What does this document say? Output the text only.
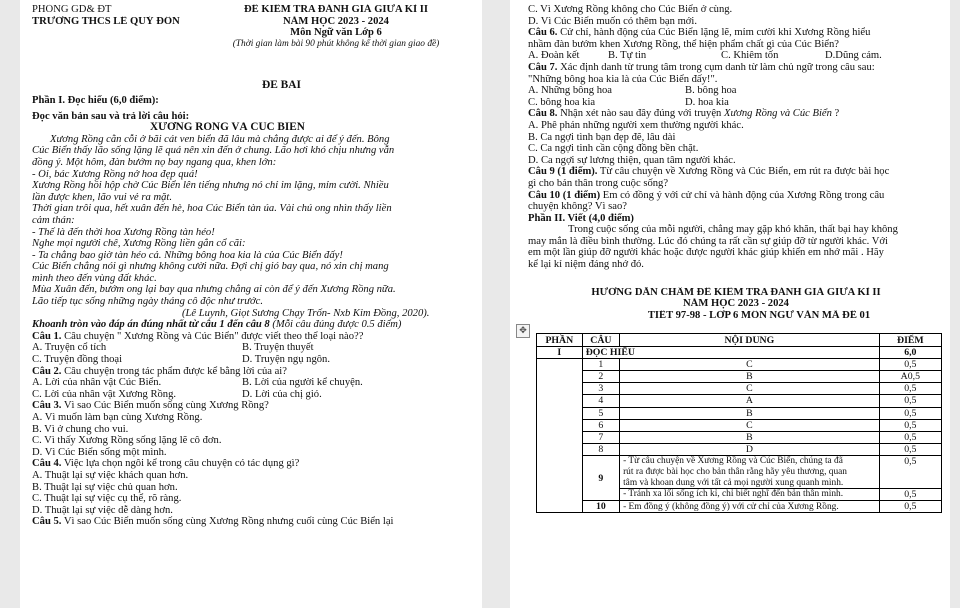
PHÒNG GD& ĐT
TRƯỜNG THCS LÊ QUÝ ĐÔN
ĐỀ KIỂM TRA ĐÁNH GIÁ GIỮA KÌ II
NĂM HỌC 2023 - 2024
Môn Ngữ văn Lớp 6
(Thời gian làm bài 90 phút không kể thời gian giao đề)
ĐỀ BÀI
Phần I. Đọc hiểu (6,0 điểm):
Đọc văn bản sau và trả lời câu hỏi:
XƯƠNG RỒNG VÀ CÚC BIỂN
Xương Rồng cằn cỗi ở bãi cát ven biển đã lâu mà chẳng được ai để ý đến. Bông
Cúc Biển thấy lão sống lặng lẽ quá nên xin đến ở chung. Lão hơi khó chịu nhưng vẫn
đồng ý. Một hôm, đàn bướm nọ bay ngang qua, khen lớn:
- Ôi, bác Xương Rồng nở hoa đẹp quá!
Xương Rồng hồi hộp chờ Cúc Biển lên tiếng nhưng nó chỉ im lặng, mỉm cười. Nhiều
lần được khen, lão vui vẻ ra mặt.
Thời gian trôi qua, hết xuân đến hè, hoa Cúc Biển tàn úa. Vài chú ong nhìn thấy liền
cảm thán:
- Thế là đến thời hoa Xương Rồng tàn héo!
Nghe mọi người chê, Xương Rồng liền gắn cổ cãi:
- Ta chẳng bao giờ tàn héo cả. Những bông hoa kia là của Cúc Biển đấy!
Cúc Biển chẳng nói gì nhưng không cười nữa. Đợi chị gió bay qua, nó xin chị mang
mình theo đến vùng đất khác.
Mùa Xuân đến, bướm ong lại bay qua nhưng chẳng ai còn để ý đến Xương Rồng nữa.
Lão tiếp tục sống những ngày tháng cô độc như trước.
(Lê Luynh, Giọt Sương Chạy Trốn- Nxb Kim Đồng, 2020).
Khoanh tròn vào đáp án đúng nhất từ câu 1 đến câu 8 (Mỗi câu đúng được 0.5 điểm)
Câu 1. Câu chuyện " Xương Rồng và Cúc Biển" được viết theo thể loại nào??
A. Truyện cổ tích	B. Truyện thuyết
C. Truyện đồng thoại	D. Truyện ngụ ngôn.
Câu 2. Câu chuyện trong tác phẩm được kể bằng lời của ai?
A. Lời của nhân vật Cúc Biển.	B. Lời của người kể chuyện.
C. Lời của nhân vật Xương Rồng.	D. Lời của chị gió.
Câu 3. Vì sao Cúc Biển muốn sống cùng Xương Rồng?
A. Vì muốn làm bạn cùng Xương Rồng.
B. Vì ở chung cho vui.
C. Vì thấy Xương Rồng sống lặng lẽ cô đơn.
D. Vì Cúc Biển sống một mình.
Câu 4. Việc lựa chọn ngôi kể trong câu chuyện có tác dụng gì?
A. Thuật lại sự việc khách quan hơn.
B. Thuật lại sự việc chủ quan hơn.
C. Thuật lại sự việc cụ thể, rõ ràng.
D. Thuật lại sự việc dễ dàng hơn.
Câu 5. Vì sao Cúc Biển muốn sống cùng Xương Rồng nhưng cuối cùng Cúc Biển lại
C. Vì Xương Rồng không cho Cúc Biển ở cùng.
D. Vì Cúc Biển muốn có thêm bạn mới.
Câu 6. Cử chỉ, hành động của Cúc Biển lặng lẽ, mỉm cười khi Xương Rồng hiểu
nhầm đàn bướm khen Xương Rồng, thể hiện phẩm chất gì của Cúc Biển?
A. Đoàn kết	B. Tự tin	C. Khiêm tốn	D.Dũng cảm.
Câu 7. Xác định danh từ trung tâm trong cụm danh từ làm chủ ngữ trong câu sau:
"Những bông hoa kia là của Cúc Biển đấy!".
A. Những bông hoa	B. bông hoa
C. bông hoa kia	D. hoa kia
Câu 8. Nhận xét nào sau đây đúng với truyện Xương Rồng và Cúc Biển ?
A. Phê phán những người xem thường người khác.
B. Ca ngợi tình bạn đẹp đẽ, lâu dài
C. Ca ngợi tinh cần cộng đồng bền chặt.
D. Ca ngợi sự lương thiện, quan tâm người khác.
Câu 9 (1 điểm). Từ câu chuyện về Xương Rồng và Cúc Biển, em rút ra được bài học
gì cho bản thân trong cuộc sống?
Câu 10 (1 điểm) Em có đồng ý với cử chỉ và hành động của Xương Rồng trong câu
chuyện không? Vì sao?
Phần II. Viết (4,0 điểm)
Trong cuộc sống của mỗi người, chẳng may gặp khó khăn, thất bại hay không
may mắn là điều bình thường. Lúc đó chúng ta rất cần sự giúp đỡ từ người khác. Với
em một lần giúp đỡ người khác hoặc được người khác giúp khiến em nhớ mãi . Hãy
kể lại kỉ niệm đáng nhớ đó.
HƯỚNG DẪN CHẤM ĐỀ KIỂM TRA ĐÁNH GIÁ GIỮA KÌ II
NĂM HỌC 2023 - 2024
TIẾT 97-98 - LỚP 6 MÔN NGỮ VĂN MÃ ĐỀ 01
✥
PHẦN	CÂU	NỘI DUNG	ĐIỂM
I	ĐỌC HIỂU		6,0
	1	C	0,5
	2	B	A0,5
	3	C	0,5
	4	A	0,5
	5	B	0,5
	6	C	0,5
	7	B	0,5
	8	D	0,5
	9	- Từ câu chuyện về Xương Rồng và Cúc Biển, chúng ta đã
rút ra được bài học cho bản thân rằng hãy yêu thương, quan
tâm và khoan dung với tất cả mọi người xung quanh mình.	0,5
		- Tránh xa lối sống ích kỉ, chỉ biết nghĩ đến bản thân mình.	0,5
	10	- Em đồng ý (không đồng ý) với cử chỉ của Xương Rồng.	0,5
